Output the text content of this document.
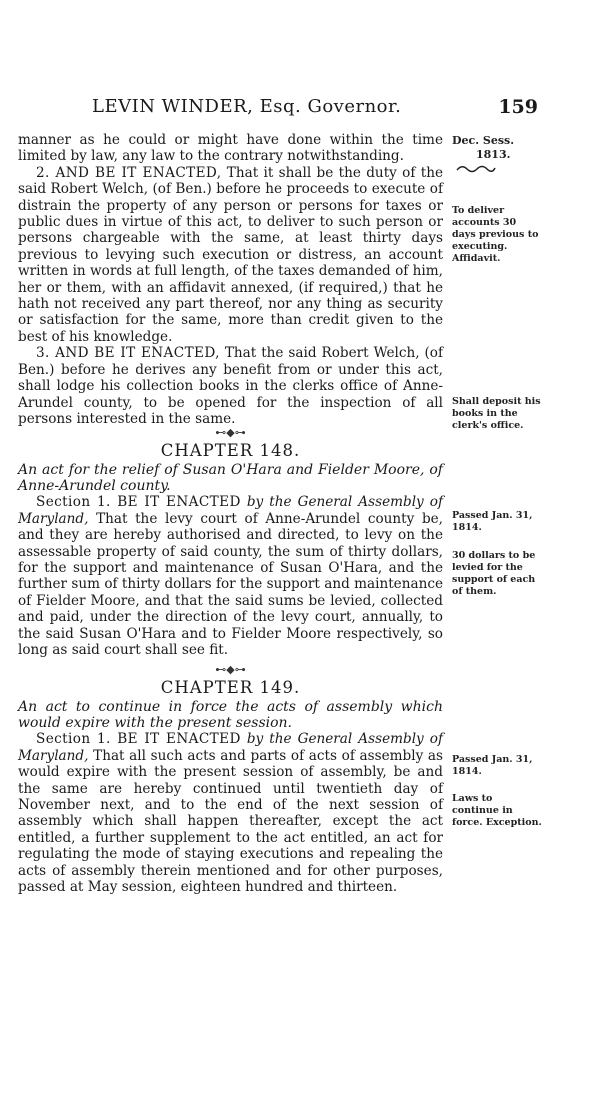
LEVIN WINDER, Esq. Governor.	159
Dec. Sess.
1813.
To deliver accounts 30 days previous to executing. Affidavit.
Shall deposit his books in the clerk's office.
Passed Jan. 31, 1814.
30 dollars to be levied for the support of each of them.
Passed Jan. 31, 1814.
Laws to continue in force. Exception.

manner as he could or might have done within the time limited by law, any law to the contrary notwithstanding.

2. AND BE IT ENACTED, That it shall be the duty of the said Robert Welch, (of Ben.) before he proceeds to execute of distrain the property of any person or persons for taxes or public dues in virtue of this act, to deliver to such person or persons chargeable with the same, at least thirty days previous to levying such execution or distress, an account written in words at full length, of the taxes demanded of him, her or them, with an affidavit annexed, (if required,) that he hath not received any part thereof, nor any thing as security or satisfaction for the same, more than credit given to the best of his knowledge.

3. AND BE IT ENACTED, That the said Robert Welch, (of Ben.) before he derives any benefit from or under this act, shall lodge his collection books in the clerks office of Anne-Arundel county, to be opened for the inspection of all persons interested in the same.

⊷◆⊶
CHAPTER 148.

An act for the relief of Susan O'Hara and Fielder Moore, of Anne-Arundel county.

Section 1. BE IT ENACTED by the General Assembly of Maryland, That the levy court of Anne-Arundel county be, and they are hereby authorised and directed, to levy on the assessable property of said county, the sum of thirty dollars, for the support and maintenance of Susan O'Hara, and the further sum of thirty dollars for the support and maintenance of Fielder Moore, and that the said sums be levied, collected and paid, under the direction of the levy court, annually, to the said Susan O'Hara and to Fielder Moore respectively, so long as said court shall see fit.

⊷◆⊶
CHAPTER 149.

An act to continue in force the acts of assembly which would expire with the present session.

Section 1. BE IT ENACTED by the General Assembly of Maryland, That all such acts and parts of acts of assembly as would expire with the present session of assembly, be and the same are hereby continued until twentieth day of November next, and to the end of the next session of assembly which shall happen thereafter, except the act entitled, a further supplement to the act entitled, an act for regulating the mode of staying executions and repealing the acts of assembly therein mentioned and for other purposes, passed at May session, eighteen hundred and thirteen.
